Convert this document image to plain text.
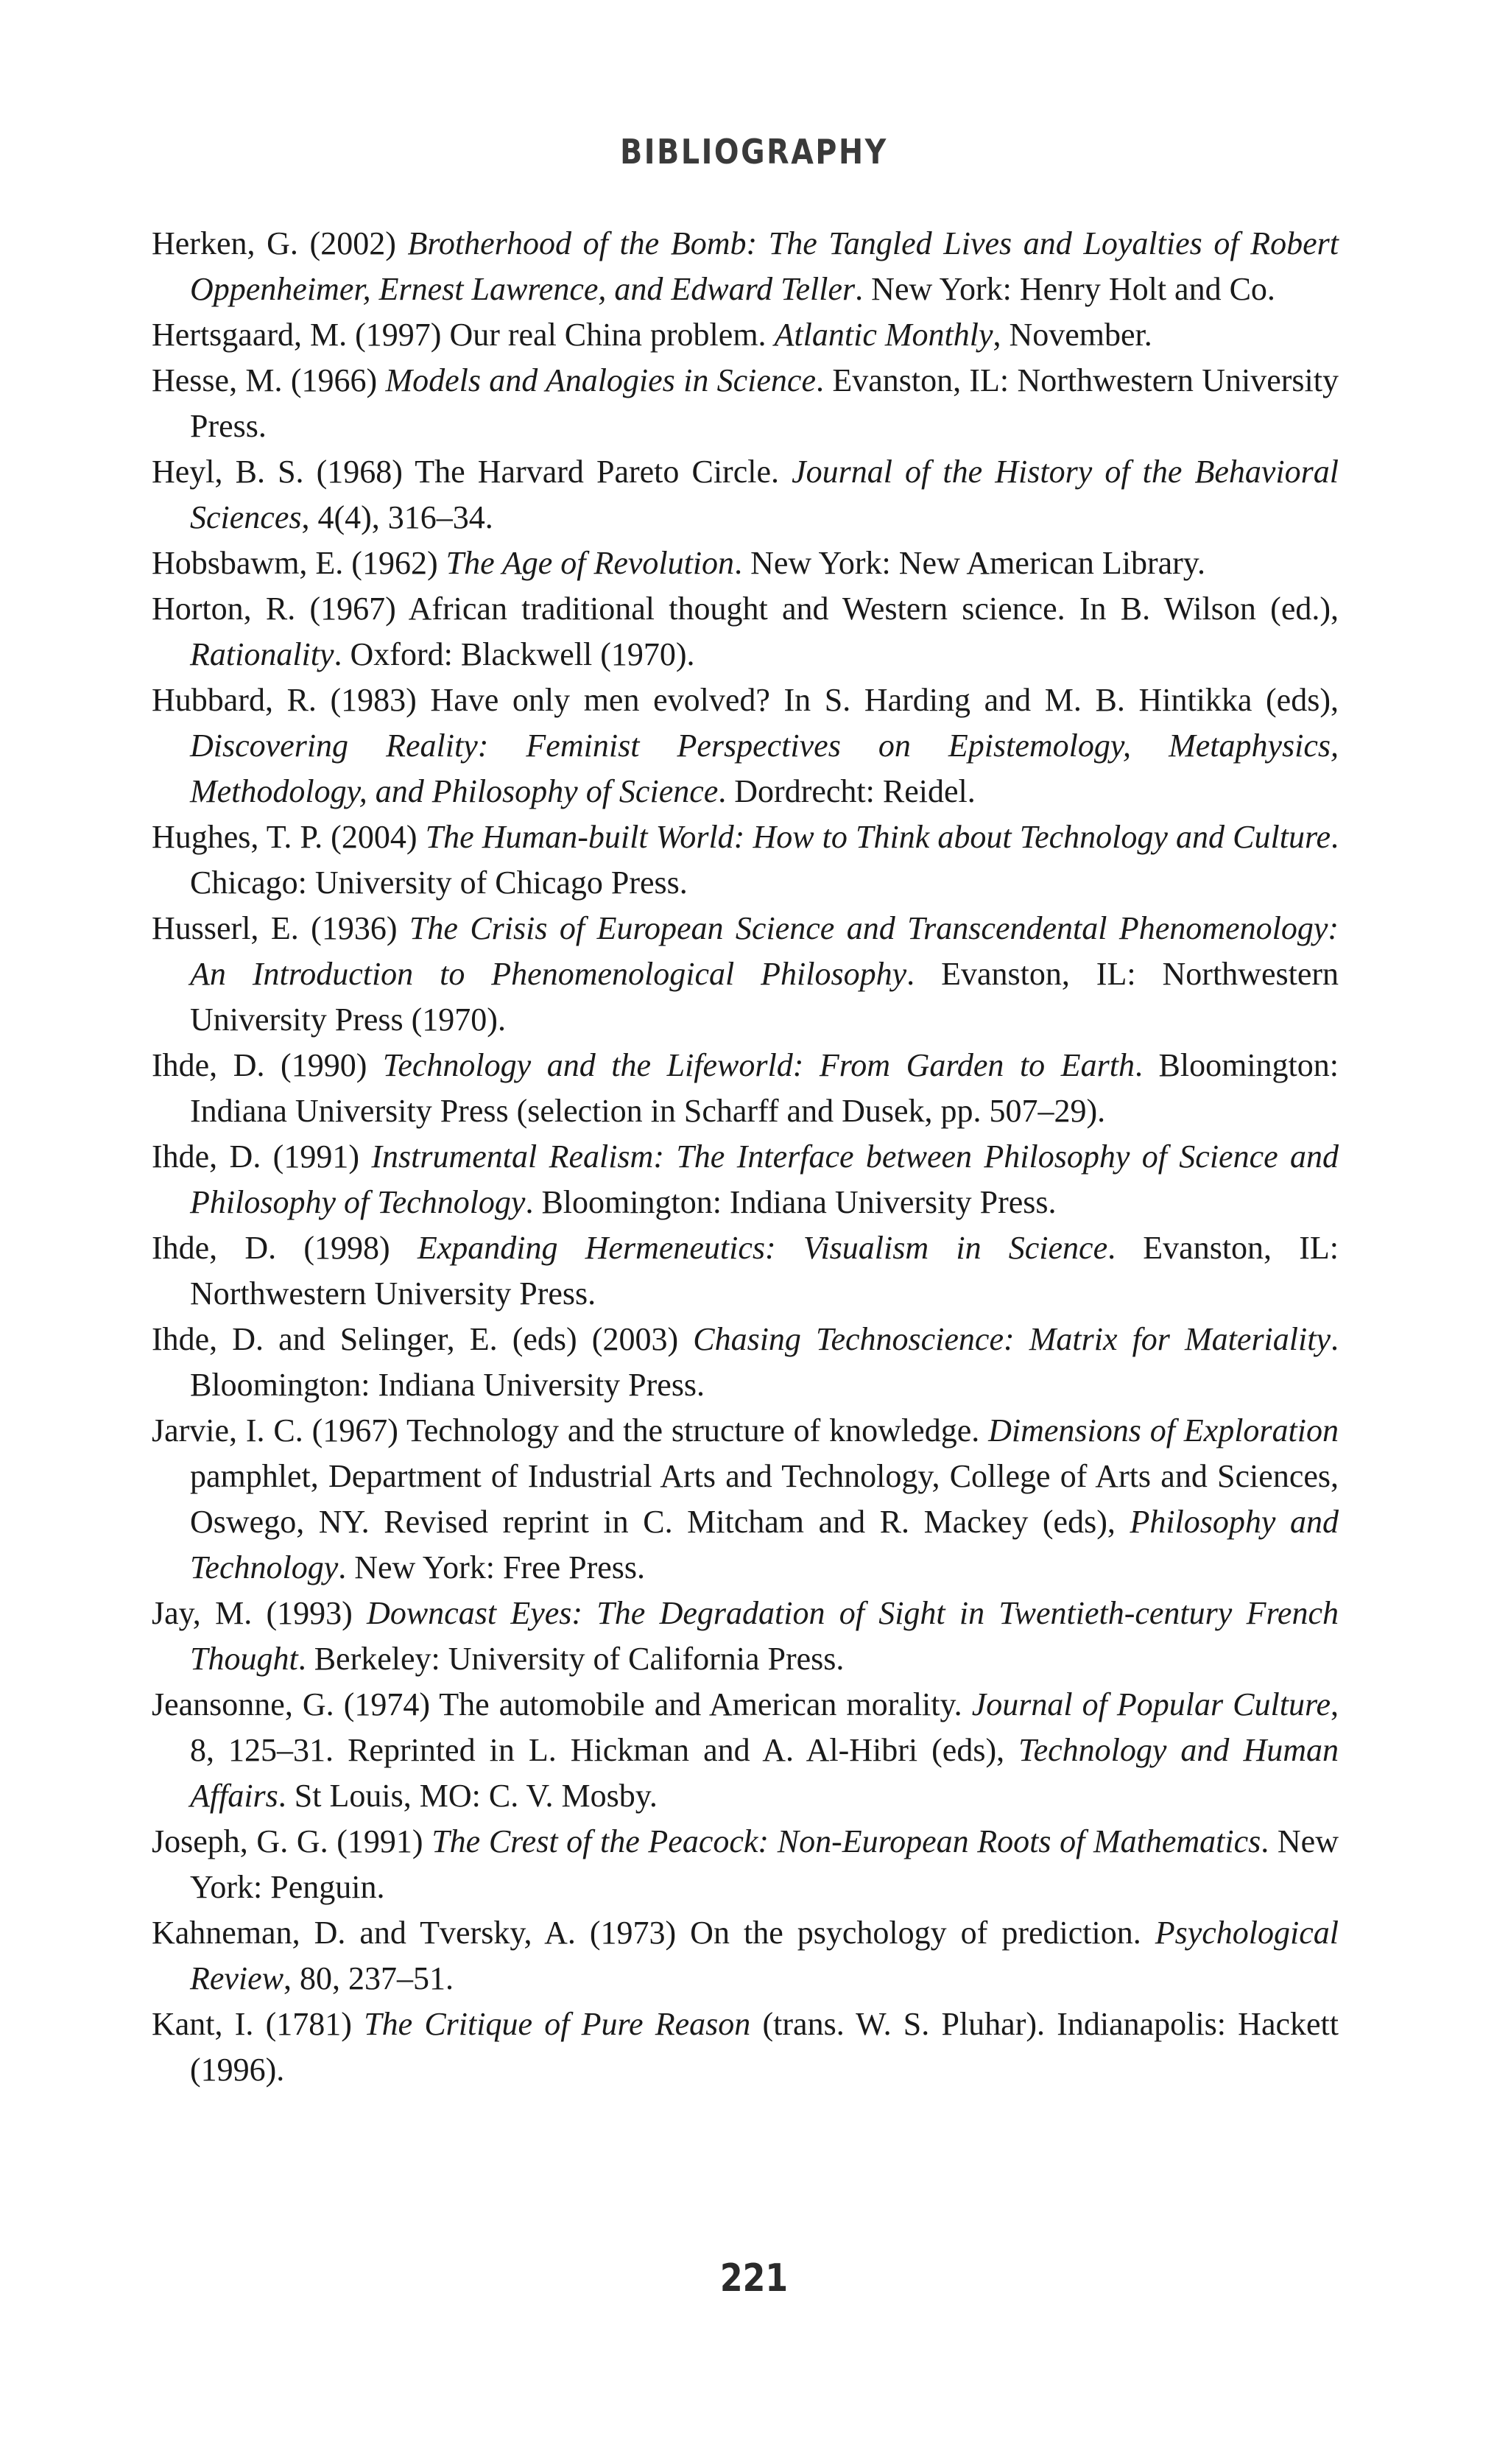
BIBLIOGRAPHY
Herken, G. (2002) Brotherhood of the Bomb: The Tangled Lives and Loyalties of Robert Oppenheimer, Ernest Lawrence, and Edward Teller. New York: Henry Holt and Co.
Hertsgaard, M. (1997) Our real China problem. Atlantic Monthly, November.
Hesse, M. (1966) Models and Analogies in Science. Evanston, IL: Northwestern University Press.
Heyl, B. S. (1968) The Harvard Pareto Circle. Journal of the History of the Behavioral Sciences, 4(4), 316–34.
Hobsbawm, E. (1962) The Age of Revolution. New York: New American Library.
Horton, R. (1967) African traditional thought and Western science. In B. Wilson (ed.), Rationality. Oxford: Blackwell (1970).
Hubbard, R. (1983) Have only men evolved? In S. Harding and M. B. Hintikka (eds), Discovering Reality: Feminist Perspectives on Epistemology, Metaphysics, Methodology, and Philosophy of Science. Dordrecht: Reidel.
Hughes, T. P. (2004) The Human-built World: How to Think about Technology and Culture. Chicago: University of Chicago Press.
Husserl, E. (1936) The Crisis of European Science and Transcendental Phenomenology: An Introduction to Phenomenological Philosophy. Evanston, IL: Northwestern University Press (1970).
Ihde, D. (1990) Technology and the Lifeworld: From Garden to Earth. Bloomington: Indiana University Press (selection in Scharff and Dusek, pp. 507–29).
Ihde, D. (1991) Instrumental Realism: The Interface between Philosophy of Science and Philosophy of Technology. Bloomington: Indiana University Press.
Ihde, D. (1998) Expanding Hermeneutics: Visualism in Science. Evanston, IL: Northwestern University Press.
Ihde, D. and Selinger, E. (eds) (2003) Chasing Technoscience: Matrix for Materiality. Bloomington: Indiana University Press.
Jarvie, I. C. (1967) Technology and the structure of knowledge. Dimensions of Exploration pamphlet, Department of Industrial Arts and Technology, College of Arts and Sciences, Oswego, NY. Revised reprint in C. Mitcham and R. Mackey (eds), Philosophy and Technology. New York: Free Press.
Jay, M. (1993) Downcast Eyes: The Degradation of Sight in Twentieth-century French Thought. Berkeley: University of California Press.
Jeansonne, G. (1974) The automobile and American morality. Journal of Popular Culture, 8, 125–31. Reprinted in L. Hickman and A. Al-Hibri (eds), Technology and Human Affairs. St Louis, MO: C. V. Mosby.
Joseph, G. G. (1991) The Crest of the Peacock: Non-European Roots of Mathematics. New York: Penguin.
Kahneman, D. and Tversky, A. (1973) On the psychology of prediction. Psychological Review, 80, 237–51.
Kant, I. (1781) The Critique of Pure Reason (trans. W. S. Pluhar). Indianapolis: Hackett (1996).
221
